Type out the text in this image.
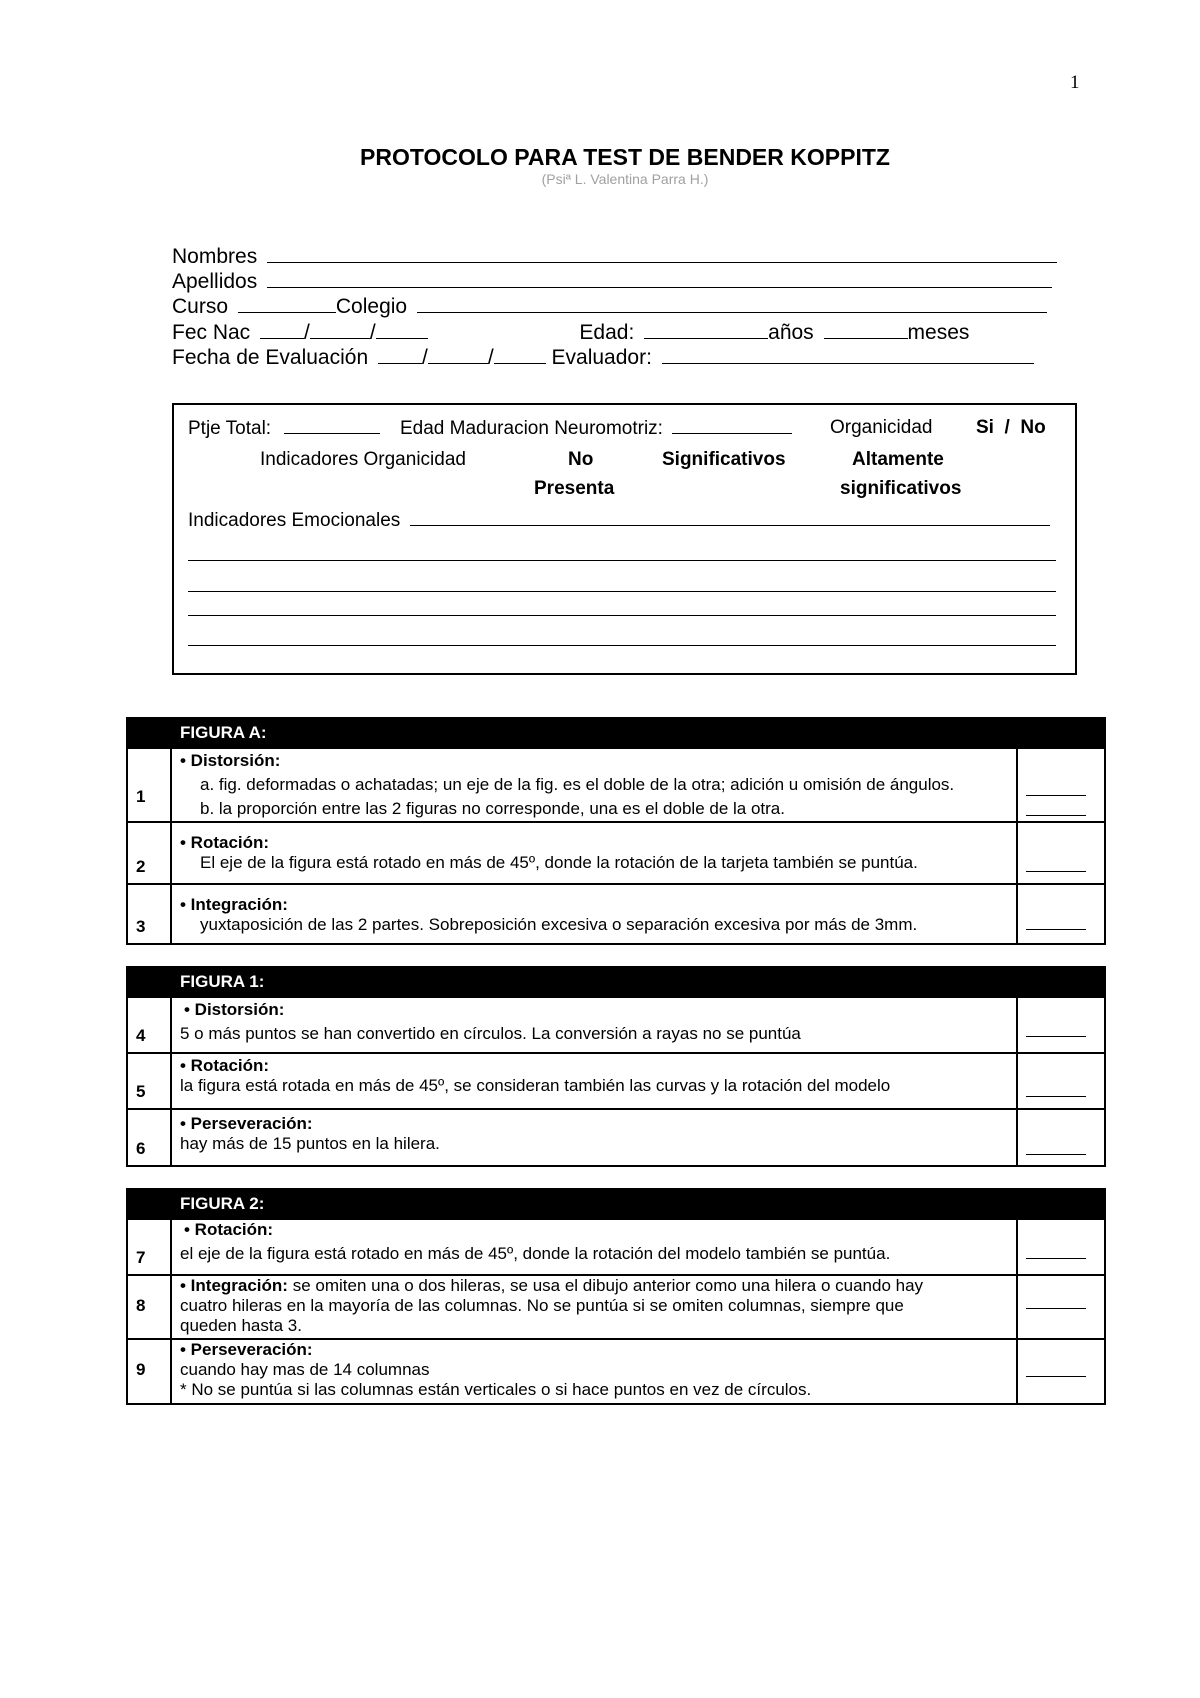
1
PROTOCOLO PARA TEST DE BENDER KOPPITZ
(Psiª L. Valentina Parra H.)
Nombres
Apellidos
Curso	Colegio
Fec Nac	/	/	Edad:	años	meses
Fecha de Evaluación	/	/	Evaluador:
Ptje Total:	Edad Maduracion Neuromotriz:	Organicidad Si  /  No
Indicadores Organicidad	No
Presenta
Significativos	Altamente
significativos
Indicadores Emocionales
FIGURA A:
1
• Distorsión:
a. fig. deformadas o achatadas; un eje de la fig. es el doble de la otra; adición u omisión de ángulos.
b. la proporción entre las 2 figuras no corresponde, una es el doble de la otra.
2
• Rotación:
El eje de la figura está rotado en más de 45º, donde la rotación de la tarjeta también se puntúa.
3
• Integración:
yuxtaposición de las 2 partes. Sobreposición excesiva o separación excesiva por más de 3mm.
FIGURA 1:
4
• Distorsión:
5 o más puntos se han convertido en círculos. La conversión a rayas no se puntúa
5
• Rotación:
la figura está rotada en más de 45º, se consideran también las curvas y la rotación del modelo
6
• Perseveración:
hay más de 15 puntos en la hilera.
FIGURA 2:
7
• Rotación:
el eje de la figura está rotado en más de 45º, donde la rotación del modelo también se puntúa.
8
• Integración: se omiten una o dos hileras, se usa el dibujo anterior como una hilera o cuando hay
cuatro hileras en la mayoría de las columnas. No se puntúa si se omiten columnas, siempre que
queden hasta 3.
9
• Perseveración:
cuando hay mas de 14 columnas
* No se puntúa si las columnas están verticales o si hace puntos en vez de círculos.
